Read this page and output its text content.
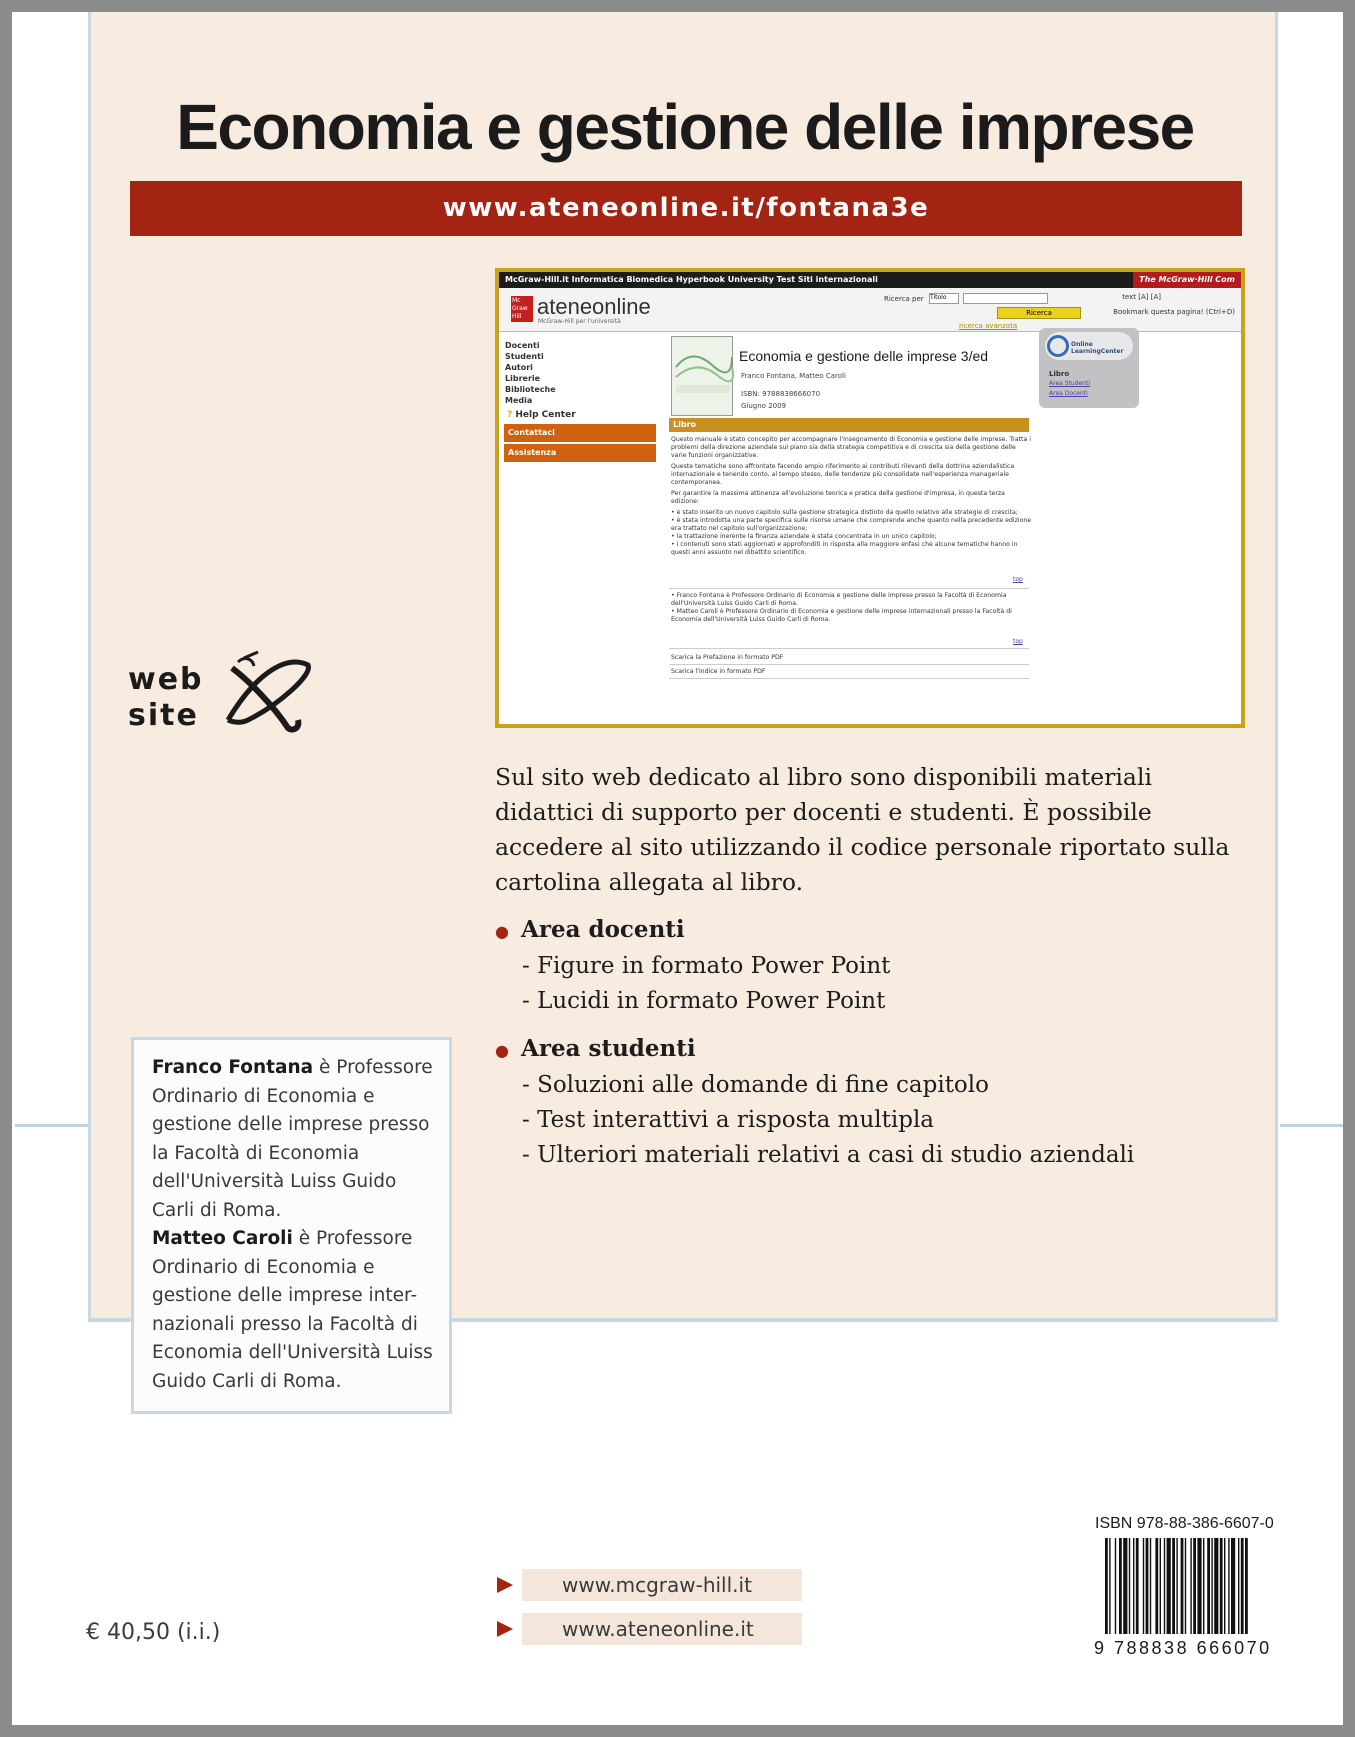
Economia e gestione delle imprese
www.ateneonline.it/fontana3e
McGraw-Hill.it Informatica Biomedica Hyperbook University Test Siti internazionali	The McGraw·Hill Com
Mc Graw Hill ateneonline
McGraw-Hill per l'università
Ricerca per Titolo
Ricerca
ricerca avanzata
text [A] [A]
Bookmark questa pagina! (Ctrl+D)
Docenti
Studenti
Autori
Librerie
Biblioteche
Media
? Help Center
Contattaci
Assistenza
Economia e gestione delle imprese 3/ed
Franco Fontana, Matteo Caroli
ISBN: 9788838666070
Giugno 2009
Online LearningCenter
Libro
Area Studenti
Area Docenti
Libro

Questo manuale è stato concepito per accompagnare l'insegnamento di Economia e gestione delle imprese. Tratta i problemi della direzione aziendale sul piano sia della strategia competitiva e di crescita sia della gestione delle varie funzioni organizzative.

Queste tematiche sono affrontate facendo ampio riferimento ai contributi rilevanti della dottrina aziendalistica internazionale e tenendo conto, al tempo stesso, delle tendenze più consolidate nell'esperienza manageriale contemporanea.

Per garantire la massima attinenza all'evoluzione teorica e pratica della gestione d'impresa, in questa terza edizione:

• è stato inserito un nuovo capitolo sulla gestione strategica distinto da quello relativo alle strategie di crescita;
• è stata introdotta una parte specifica sulle risorse umane che comprende anche quanto nella precedente edizione era trattato nel capitolo sull'organizzazione;
• la trattazione inerente la finanza aziendale è stata concentrata in un unico capitolo;
• i contenuti sono stati aggiornati e approfonditi in risposta alla maggiore enfasi che alcune tematiche hanno in questi anni assunto nel dibattito scientifico.
top
• Franco Fontana è Professore Ordinario di Economia e gestione delle imprese presso la Facoltà di Economia dell'Università Luiss Guido Carli di Roma.
• Matteo Caroli è Professore Ordinario di Economia e gestione delle imprese internazionali presso la Facoltà di Economia dell'Università Luiss Guido Carli di Roma.
top
Scarica la Prefazione in formato PDF
Scarica l'indice in formato PDF
web
site
Sul sito web dedicato al libro sono disponibili materiali didattici di supporto per docenti e studenti. È possibile accedere al sito utilizzando il codice personale riportato sulla cartolina allegata al libro.
● Area docenti
- Figure in formato Power Point
- Lucidi in formato Power Point
● Area studenti
- Soluzioni alle domande di fine capitolo
- Test interattivi a risposta multipla
- Ulteriori materiali relativi a casi di studio aziendali
Franco Fontana è Professore Ordinario di Economia e gestione delle imprese presso la Facoltà di Economia dell'Università Luiss Guido Carli di Roma.
Matteo Caroli è Professore Ordinario di Economia e gestione delle imprese inter-nazionali presso la Facoltà di Economia dell'Università Luiss Guido Carli di Roma.
ISBN 978-88-386-6607-0
9 788838 666070
www.mcgraw-hill.it
www.ateneonline.it
€ 40,50 (i.i.)
